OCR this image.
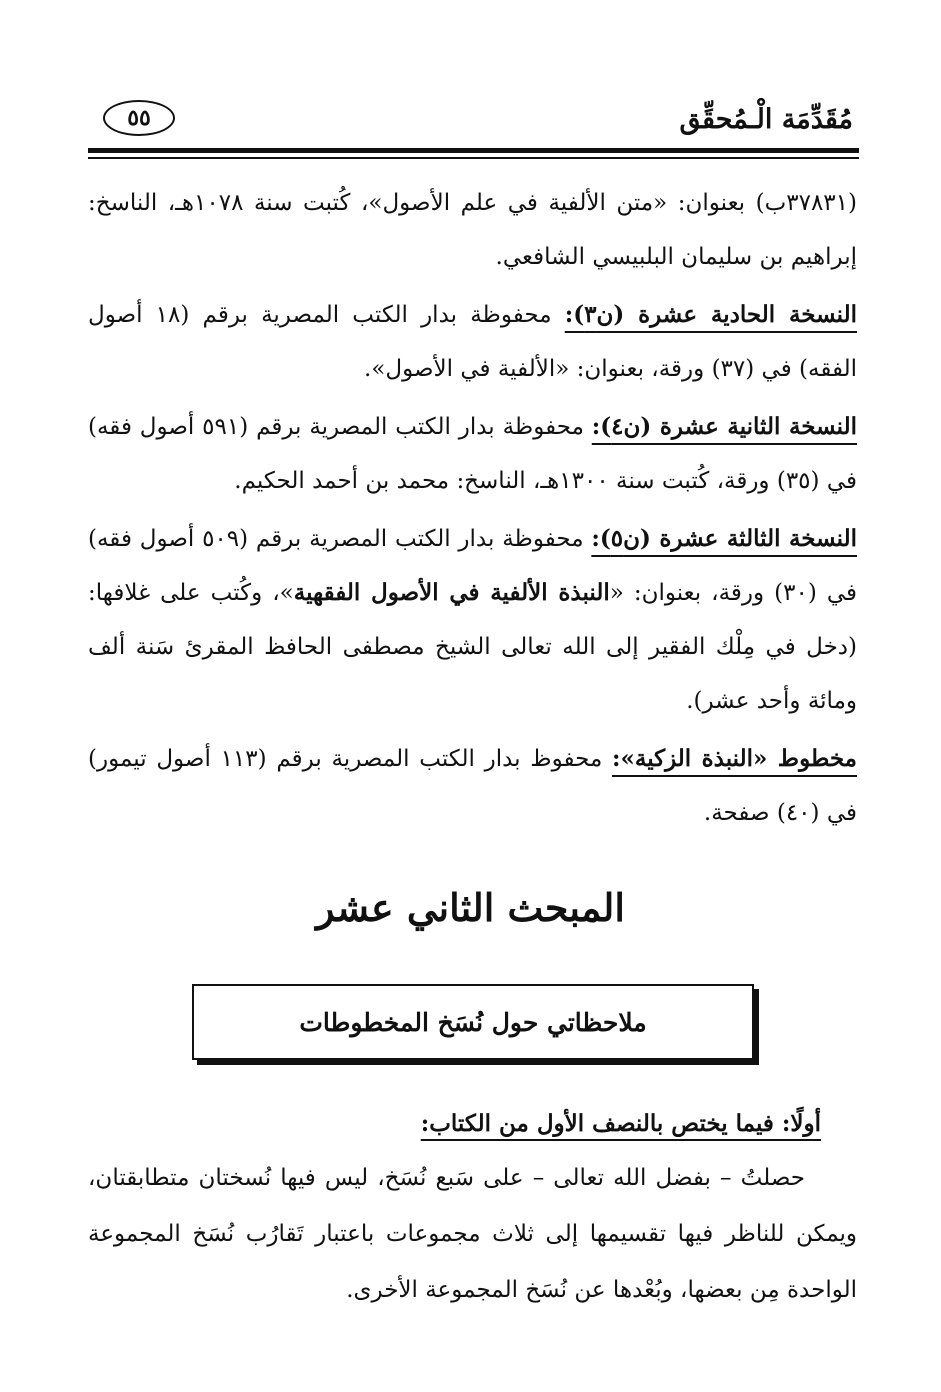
مُقَدِّمَة الْـمُحقِّق
٥٥

(٣٧٨٣١ب) بعنوان: «متن الألفية في علم الأصول»، كُتبت سنة ١٠٧٨هـ، الناسخ: إبراهيم بن سليمان البلبيسي الشافعي.

النسخة الحادية عشرة (ن٣): محفوظة بدار الكتب المصرية برقم (١٨ أصول الفقه) في (٣٧) ورقة، بعنوان: «الألفية في الأصول».

النسخة الثانية عشرة (ن٤): محفوظة بدار الكتب المصرية برقم (٥٩١ أصول فقه) في (٣٥) ورقة، كُتبت سنة ١٣٠٠هـ، الناسخ: محمد بن أحمد الحكيم.

النسخة الثالثة عشرة (ن٥): محفوظة بدار الكتب المصرية برقم (٥٠٩ أصول فقه) في (٣٠) ورقة، بعنوان: «النبذة الألفية في الأصول الفقهية»، وكُتب على غلافها: (دخل في مِلْك الفقير إلى الله تعالى الشيخ مصطفى الحافظ المقرئ سَنة ألف ومائة وأحد عشر).

مخطوط «النبذة الزكية»: محفوظ بدار الكتب المصرية برقم (١١٣ أصول تيمور) في (٤٠) صفحة.

المبحث الثاني عشر
ملاحظاتي حول نُسَخ المخطوطات
أولًا: فيما يختص بالنصف الأول من الكتاب:

حصلتُ – بفضل الله تعالى – على سَبع نُسَخ، ليس فيها نُسختان متطابقتان، ويمكن للناظر فيها تقسيمها إلى ثلاث مجموعات باعتبار تَقارُب نُسَخ المجموعة الواحدة مِن بعضها، وبُعْدها عن نُسَخ المجموعة الأخرى.
